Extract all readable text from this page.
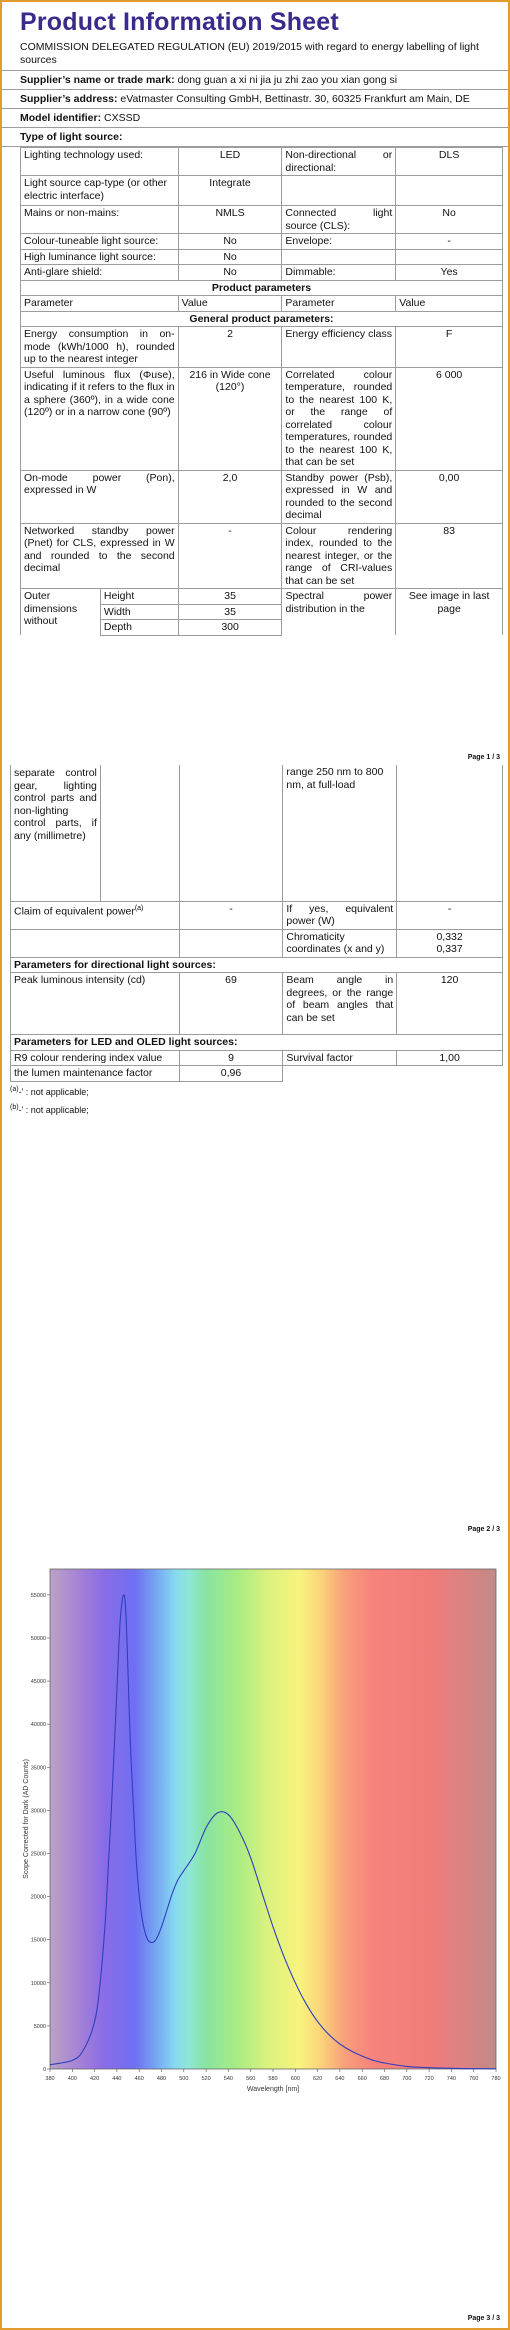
Product Information Sheet
COMMISSION DELEGATED REGULATION (EU) 2019/2015 with regard to energy labelling of light sources
Supplier’s name or trade mark: dong guan a xi ni jia ju zhi zao you xian gong si
Supplier’s address: eVatmaster Consulting GmbH, Bettinastr. 30, 60325 Frankfurt am Main, DE
Model identifier: CXSSD
Type of light source:
Lighting technology used:	LED	Non-directional or directional:	DLS
Light source cap-type (or other electric interface)	Integrate		
Mains or non-mains:	NMLS	Connected light source (CLS):	No
Colour-tuneable light source:	No	Envelope:	-
High luminance light source:	No		
Anti-glare shield:	No	Dimmable:	Yes
Product parameters			
Parameter	Value	Parameter	Value
General product parameters:			
Energy consumption in on-mode (kWh/1000 h), rounded up to the nearest integer	2	Energy efficiency class	F
Useful luminous flux (Φuse), indicating if it refers to the flux in a sphere (360º), in a wide cone (120º) or in a narrow cone (90º)	216 in Wide cone (120°)	Correlated colour temperature, rounded to the nearest 100 K, or the range of correlated colour temperatures, rounded to the nearest 100 K, that can be set	6 000
On-mode power (Pon), expressed in W	2,0	Standby power (Psb), expressed in W and rounded to the second decimal	0,00
Networked standby power (Pnet) for CLS, expressed in W and rounded to the second decimal	-	Colour rendering index, rounded to the nearest integer, or the range of CRI-values that can be set	83
Outer dimensions without	Height	35	Spectral power distribution in the	See image in last page
	Width	35		
	Depth	300		
Page 1 / 3
separate control gear, lighting control parts and non-lighting control parts, if any (millimetre)			range 250 nm to 800 nm, at full-load	
Claim of equivalent power$^{(a)}$		-	If yes, equivalent power (W)	-
			Chromaticity coordinates (x and y)	0,332
0,337

Parameters for directional light sources:				
Peak luminous intensity (cd)		69	Beam angle in degrees, or the range of beam angles that can be set	120
Parameters for LED and OLED light sources:				
R9 colour rendering index value		9	Survival factor	1,00
the lumen maintenance factor		0,96		
$^{(a)}$-’ : not applicable;
$^{(b)}$-’ : not applicable;
Page 2 / 3
380 400 420 440 460 480 500 520 540 560 580 600 620 640 660 680 700 720 740 760 780
0
5000
10000
15000
20000
25000
30000
35000
40000
45000
50000
55000
Wavelength [nm]
Scope Corrected for Dark (AD Counts)
Page 3 / 3
